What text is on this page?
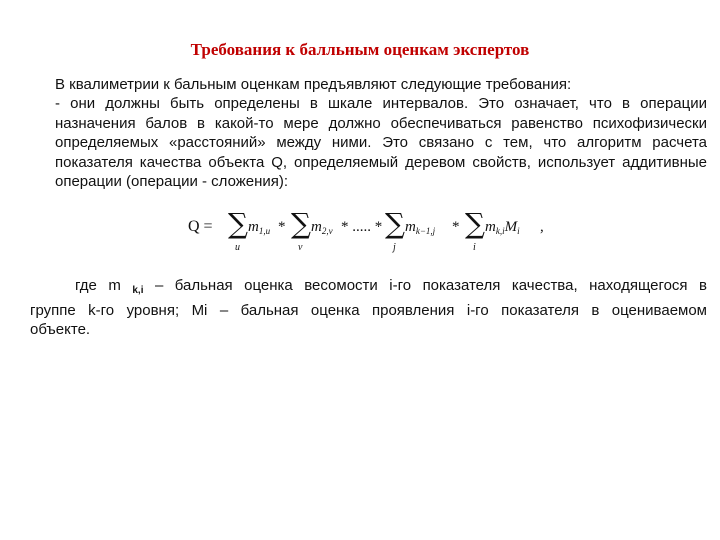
Требования к балльным оценкам экспертов
В квалиметрии к бальным оценкам предъявляют следующие требования:
- они должны быть определены в шкале интервалов. Это означает, что в операции
назначения балов в какой-то мере должно обеспечиваться равенство психофизически
определяемых «расстояний» между ними. Это связано с тем, что алгоритм расчета
показателя качества объекта Q, определяемый деревом свойств, использует аддитивные
операции (операции - сложения):
Q = ∑
u
$m_{1,u}$ * ∑
v
$m_{2,v}$ * ..... * ∑
j
$m_{k-1,j}$ * ∑
i
$m_{k,i}M_i$ ,
где m $_{k,i}$ – бальная оценка весомости i-го показателя качества, находящегося в
группе k-го уровня; Mi – бальная оценка проявления i-го показателя в оцениваемом
объекте.
